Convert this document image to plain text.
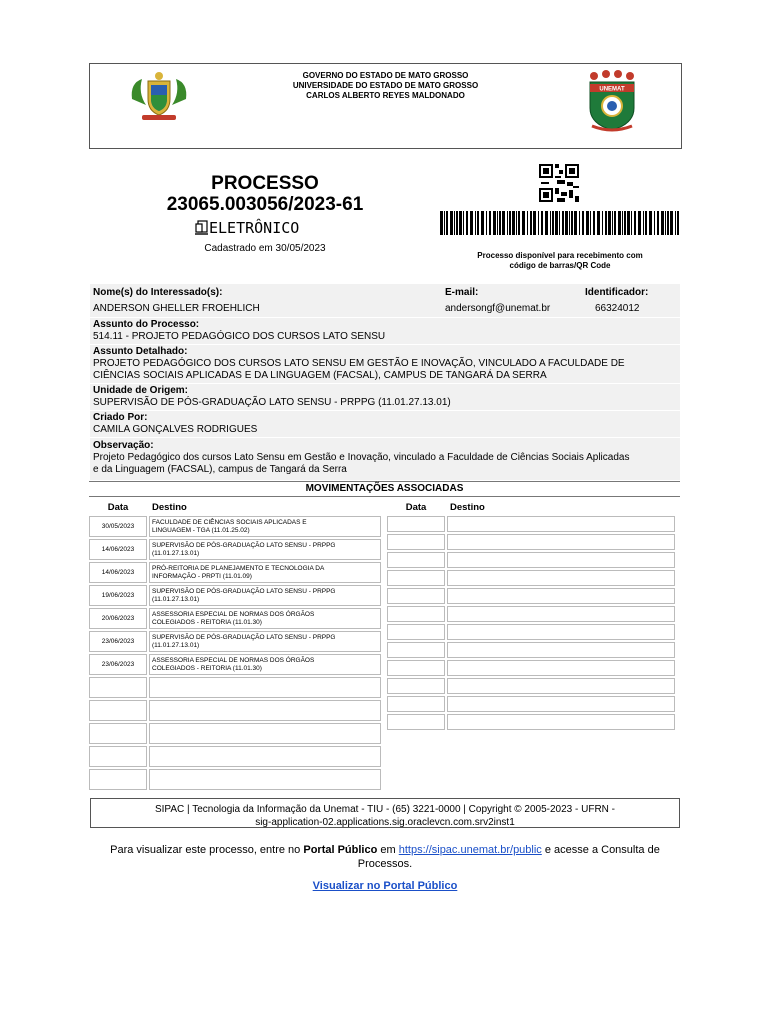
GOVERNO DO ESTADO DE MATO GROSSO
UNIVERSIDADE DO ESTADO DE MATO GROSSO
CARLOS ALBERTO REYES MALDONADO
UNEMAT
PROCESSO
23065.003056/2023-61
ELETRÔNICO
Cadastrado em 30/05/2023
Processo disponível para recebimento com
código de barras/QR Code
Nome(s) do Interessado(s):	E-mail:	Identificador:
ANDERSON GHELLER FROEHLICH	andersongf@unemat.br	66324012
Assunto do Processo:
514.11 - PROJETO PEDAGÓGICO DOS CURSOS LATO SENSU
Assunto Detalhado:
PROJETO PEDAGÓGICO DOS CURSOS LATO SENSU EM GESTÃO E INOVAÇÃO, VINCULADO A FACULDADE DE
CIÊNCIAS SOCIAIS APLICADAS E DA LINGUAGEM (FACSAL), CAMPUS DE TANGARÁ DA SERRA
Unidade de Origem:
SUPERVISÃO DE PÓS-GRADUAÇÃO LATO SENSU - PRPPG (11.01.27.13.01)
Criado Por:
CAMILA GONÇALVES RODRIGUES
Observação:
Projeto Pedagógico dos cursos Lato Sensu em Gestão e Inovação, vinculado a Faculdade de Ciências Sociais Aplicadas
e da Linguagem (FACSAL), campus de Tangará da Serra
MOVIMENTAÇÕES ASSOCIADAS
Data	Destino
30/05/2023	FACULDADE DE CIÊNCIAS SOCIAIS APLICADAS E
LINGUAGEM - TGA (11.01.25.02)

14/06/2023	SUPERVISÃO DE PÓS-GRADUAÇÃO LATO SENSU - PRPPG
(11.01.27.13.01)

14/06/2023	PRÓ-REITORIA DE PLANEJAMENTO E TECNOLOGIA DA
INFORMAÇÃO - PRPTI (11.01.09)

19/06/2023	SUPERVISÃO DE PÓS-GRADUAÇÃO LATO SENSU - PRPPG
(11.01.27.13.01)

20/06/2023	ASSESSORIA ESPECIAL DE NORMAS DOS ÓRGÃOS
COLEGIADOS - REITORIA (11.01.30)

23/06/2023	SUPERVISÃO DE PÓS-GRADUAÇÃO LATO SENSU - PRPPG
(11.01.27.13.01)

23/06/2023	ASSESSORIA ESPECIAL DE NORMAS DOS ÓRGÃOS
COLEGIADOS - REITORIA (11.01.30)

Data	Destino

SIPAC | Tecnologia da Informação da Unemat - TIU - (65) 3221-0000 | Copyright © 2005-2023 - UFRN -
sig-application-02.applications.sig.oraclevcn.com.srv2inst1
Para visualizar este processo, entre no Portal Público em https://sipac.unemat.br/public e acesse a Consulta de
Processos.
Visualizar no Portal Público
